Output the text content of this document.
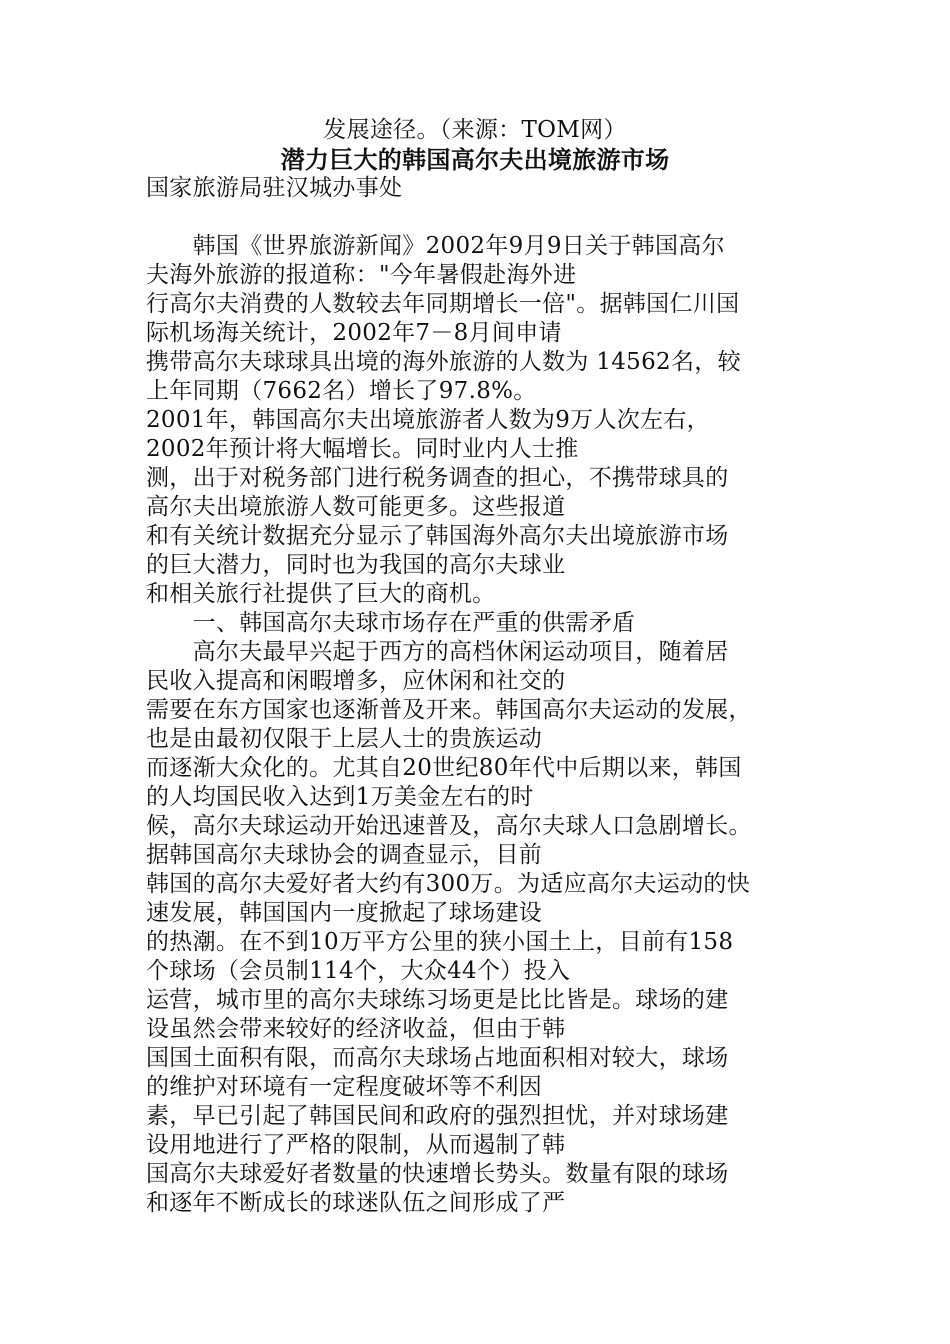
发展途径。（来源：TOM网）
潜力巨大的韩国高尔夫出境旅游市场
国家旅游局驻汉城办事处
　　韩国《世界旅游新闻》2002年9月9日关于韩国高尔
夫海外旅游的报道称："今年暑假赴海外进
行高尔夫消费的人数较去年同期增长一倍"。据韩国仁川国
际机场海关统计，2002年7－8月间申请
携带高尔夫球球具出境的海外旅游的人数为 14562名，较
上年同期（7662名）增长了97.8%。
2001年，韩国高尔夫出境旅游者人数为9万人次左右，
2002年预计将大幅增长。同时业内人士推
测，出于对税务部门进行税务调查的担心，不携带球具的
高尔夫出境旅游人数可能更多。这些报道
和有关统计数据充分显示了韩国海外高尔夫出境旅游市场
的巨大潜力，同时也为我国的高尔夫球业
和相关旅行社提供了巨大的商机。
　　一、韩国高尔夫球市场存在严重的供需矛盾
　　高尔夫最早兴起于西方的高档休闲运动项目，随着居
民收入提高和闲暇增多，应休闲和社交的
需要在东方国家也逐渐普及开来。韩国高尔夫运动的发展，
也是由最初仅限于上层人士的贵族运动
而逐渐大众化的。尤其自20世纪80年代中后期以来，韩国
的人均国民收入达到1万美金左右的时
候，高尔夫球运动开始迅速普及，高尔夫球人口急剧增长。
据韩国高尔夫球协会的调查显示，目前
韩国的高尔夫爱好者大约有300万。为适应高尔夫运动的快
速发展，韩国国内一度掀起了球场建设
的热潮。在不到10万平方公里的狭小国土上，目前有158
个球场（会员制114个，大众44个）投入
运营，城市里的高尔夫球练习场更是比比皆是。球场的建
设虽然会带来较好的经济收益，但由于韩
国国土面积有限，而高尔夫球场占地面积相对较大，球场
的维护对环境有一定程度破坏等不利因
素，早已引起了韩国民间和政府的强烈担忧，并对球场建
设用地进行了严格的限制，从而遏制了韩
国高尔夫球爱好者数量的快速增长势头。数量有限的球场
和逐年不断成长的球迷队伍之间形成了严
